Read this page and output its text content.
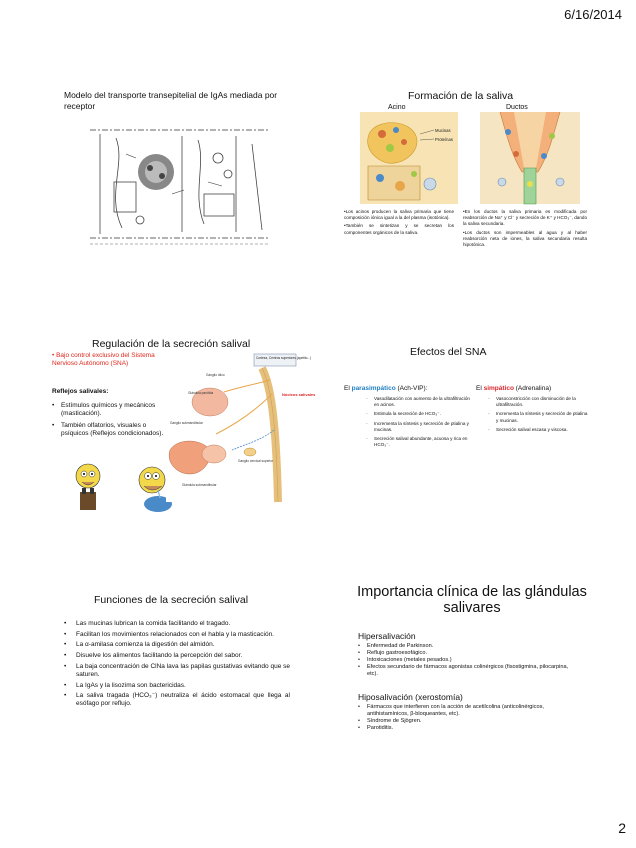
6/16/2014
Modelo del transporte transepitelial de IgAs mediada por receptor
Formación de la saliva
Acino	Ductos
Mucinas
Proteínas

•Los acinos producen la saliva primaria que tiene composición iónica igual a la del plasma (isotónica).

•También se sintetizan y se secretan los componentes orgánicos de la saliva.

•En los ductos la saliva primaria es modificada por reabsorción de Na⁺ y Cl⁻ y secreción de K⁺ y HCO₃⁻, dando la saliva secundaria.

•Los ductos son impermeables al agua y al haber reabsorción neta de iones, la saliva secundaria resulta hipotónica.

Regulación de la secreción salival
• Bajo control exclusivo del Sistema Nervioso Autónomo (SNA)
Reflejos salivales:
• Estímulos químicos y mecánicos (masticación).
• También olfatorios, visuales o psíquicos (Reflejos condicionados).
Corteza, Centros superiores (apetito...)
Núcleos salivales
Ganglio ótico
Glándula parótida
Ganglio submandibular
Ganglio cervical superior
Glándula submandibular
Efectos del SNA
El parasimpático (Ach-VIP):	El simpático (Adrenalina)
- Vasodilatación con aumento de la ultrafiltración en acinos.
- Estimula la secreción de HCO₃⁻.
- Incrementa la síntesis y secreción de ptialina y mucinas.
- Secreción salival abundante, acuosa y rica en HCO₃⁻.
- Vasoconstricción con disminución de la ultrafiltración.
- Incrementa la síntesis y secreción de ptialina y mucinas.
- Secreción salival escasa y viscosa.
Funciones de la secreción salival
• Las mucinas lubrican la comida facilitando el tragado.
• Facilitan los movimientos relacionados con el habla y la masticación.
• La α-amilasa comienza la digestión del almidón.
• Disuelve los alimentos facilitando la percepción del sabor.
• La baja concentración de ClNa lava las papilas gustativas evitando que se saturen.
• La IgAs y la lisozima son bactericidas.
• La saliva tragada (HCO₃⁻) neutraliza el ácido estomacal que llega al esófago por reflujo.
Importancia clínica de las glándulas salivares
Hipersalivación
• Enfermedad de Parkinson.
• Reflujo gastroesofágico.
• Intoxicaciones (metales pesados.)
• Efectos secundario de fármacos agonistas colinérgicos (fisostigmina, pilocarpina, etc).
Hiposalivación (xerostomía)
• Fármacos que interfieren con la acción de acetilcolina (anticolinérgicos, antihistamínicos, β-bloqueantes, etc).
• Síndrome de Sjögren.
• Parotiditis.
2
